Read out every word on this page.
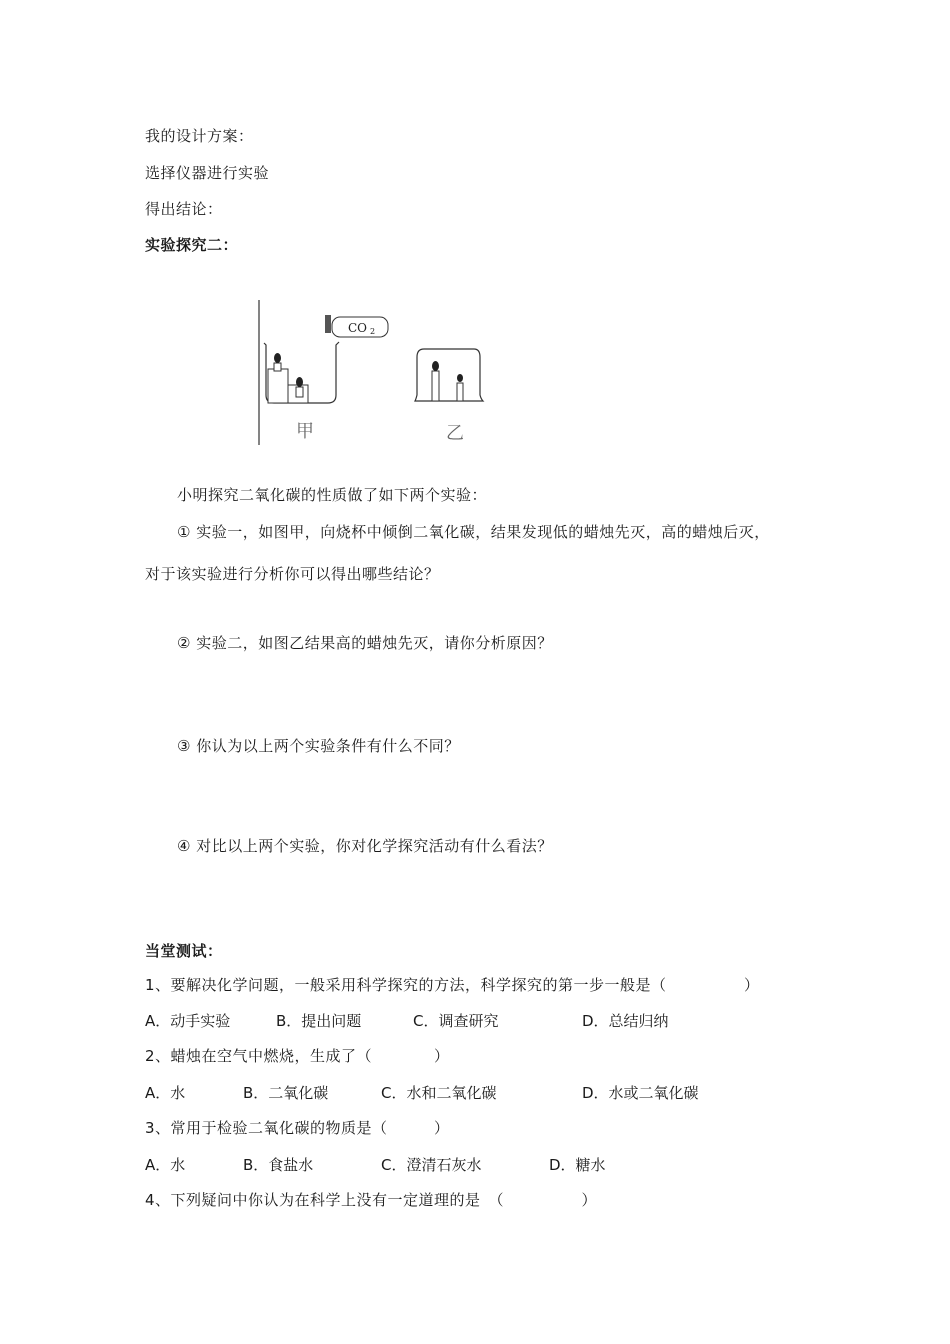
我的设计方案：
选择仪器进行实验
得出结论：
实验探究二：
CO 2
甲	乙
小明探究二氧化碳的性质做了如下两个实验：
① 实验一，如图甲，向烧杯中倾倒二氧化碳，结果发现低的蜡烛先灭，高的蜡烛后灭，
对于该实验进行分析你可以得出哪些结论？
② 实验二，如图乙结果高的蜡烛先灭，请你分析原因？
③ 你认为以上两个实验条件有什么不同？
④ 对比以上两个实验，你对化学探究活动有什么看法？
当堂测试：
1、要解决化学问题，一般采用科学探究的方法，科学探究的第一步一般是（　　　　　）
A．动手实验	B．提出问题	C．调查研究	D．总结归纳
2、蜡烛在空气中燃烧，生成了（　　　　）
A．水	B．二氧化碳	C．水和二氧化碳	D．水或二氧化碳
3、常用于检验二氧化碳的物质是（　　　）
A．水	B．食盐水	C．澄清石灰水	D．糖水
4、下列疑问中你认为在科学上没有一定道理的是　（　　　　　）
